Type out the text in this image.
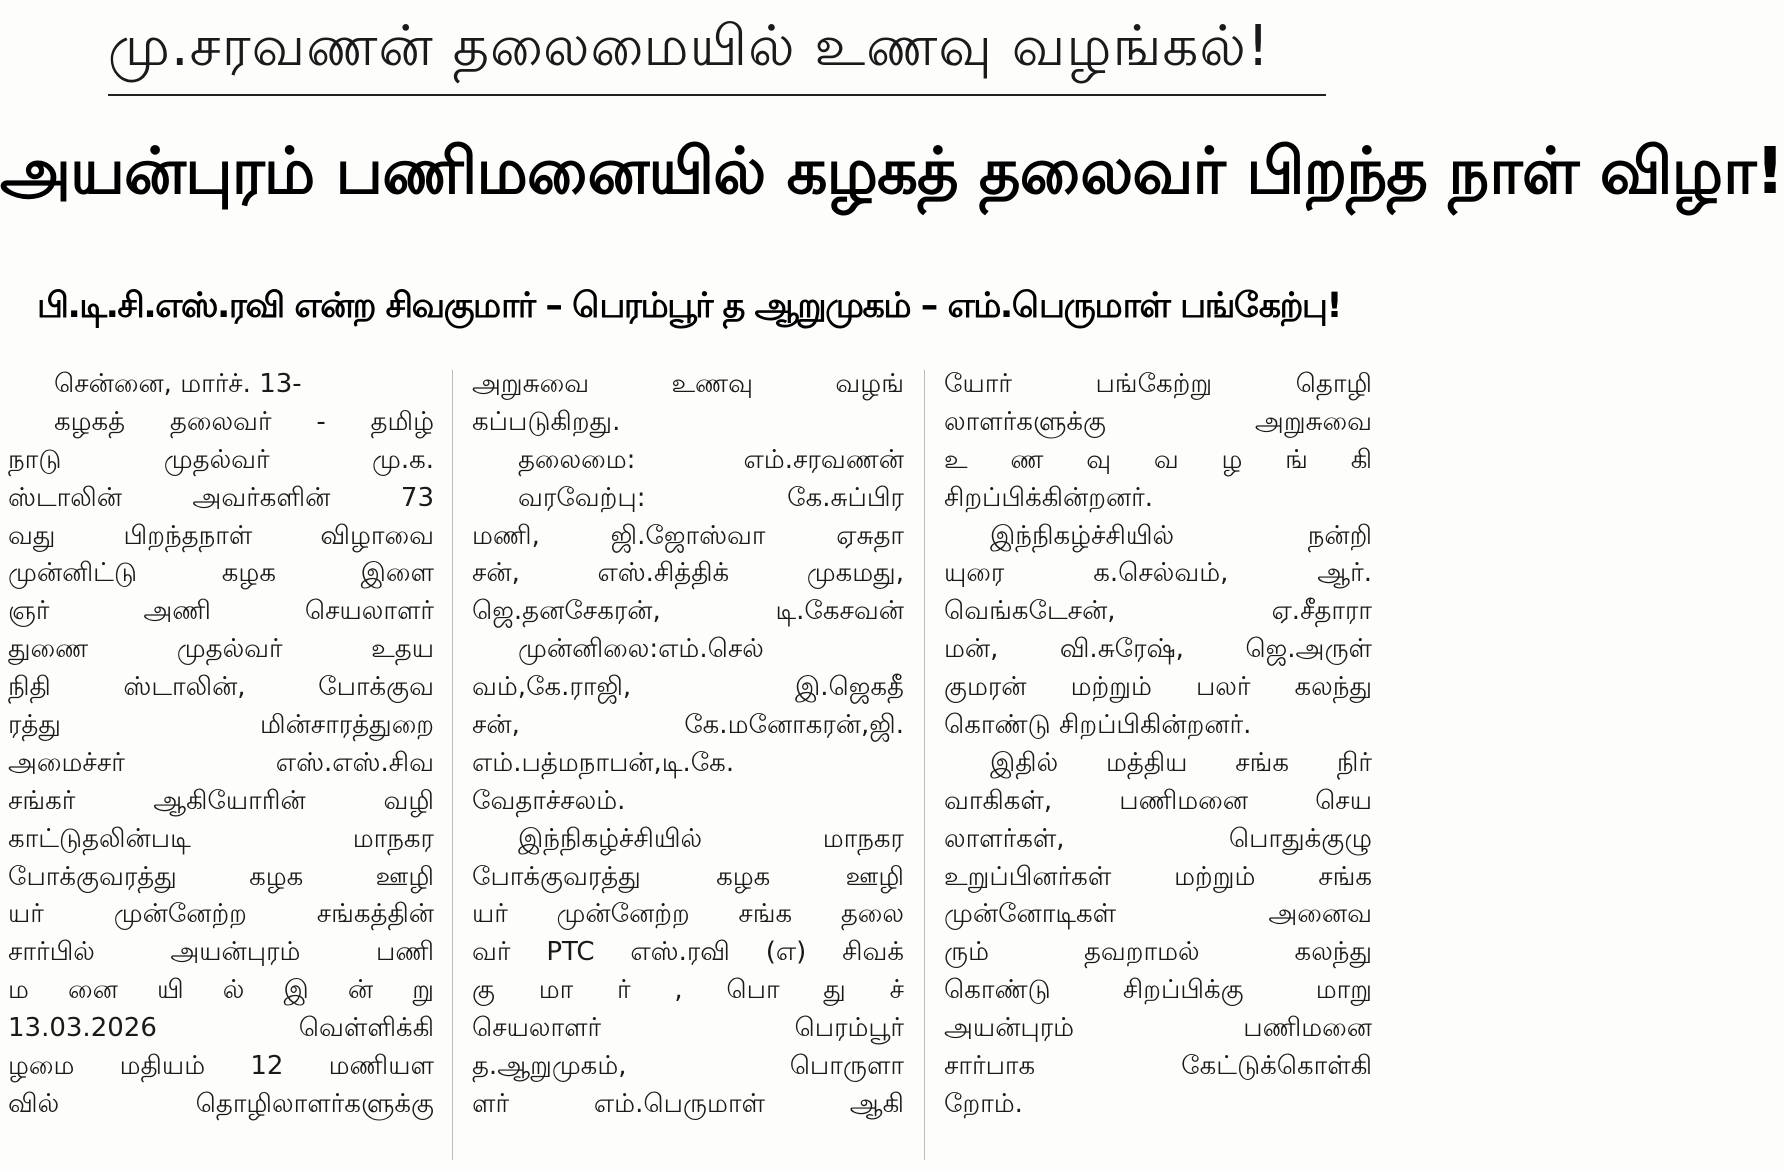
மு.சரவணன் தலைமையில் உணவு வழங்கல்!
அயன்புரம் பணிமனையில் கழகத் தலைவர் பிறந்த நாள் விழா!
பி.டி.சி.எஸ்.ரவி என்ற சிவகுமார் – பெரம்பூர் த ஆறுமுகம் – எம்.பெருமாள் பங்கேற்பு!
சென்னை, மார்ச். 13-
கழகத் தலைவர் - தமிழ்
நாடு முதல்வர் மு.க.
ஸ்டாலின் அவர்களின் 73
வது பிறந்தநாள் விழாவை
முன்னிட்டு கழக இளை
ஞர் அணி செயலாளர்
துணை முதல்வர் உதய
நிதி ஸ்டாலின், போக்குவ
ரத்து மின்சாரத்துறை
அமைச்சர் எஸ்.எஸ்.சிவ
சங்கர் ஆகியோரின் வழி
காட்டுதலின்படி மாநகர
போக்குவரத்து கழக ஊழி
யர் முன்னேற்ற சங்கத்தின்
சார்பில் அயன்புரம் பணி
ம னை யி ல் இ ன் று
13.03.2026 வெள்ளிக்கி
ழமை மதியம் 12 மணியள
வில் தொழிலாளர்களுக்கு
அறுசுவை உணவு வழங்
கப்படுகிறது.
தலைமை: எம்.சரவணன்
வரவேற்பு: கே.சுப்பிர
மணி, ஜி.ஜோஸ்வா ஏசுதா
சன், எஸ்.சித்திக் முகமது,
ஜெ.தனசேகரன், டி.கேசவன்
முன்னிலை:எம்.செல்
வம்,கே.ராஜி, இ.ஜெகதீ
சன், கே.மனோகரன்,ஜி.
எம்.பத்மநாபன்,டி.கே.
வேதாச்சலம்.
இந்நிகழ்ச்சியில் மாநகர
போக்குவரத்து கழக ஊழி
யர் முன்னேற்ற சங்க தலை
வர் PTC எஸ்.ரவி (எ) சிவக்
கு மா ர் , பொ து ச்
செயலாளர் பெரம்பூர்
த.ஆறுமுகம், பொருளா
ளர் எம்.பெருமாள் ஆகி
யோர் பங்கேற்று தொழி
லாளர்களுக்கு அறுசுவை
உ ண வு வ ழ ங் கி
சிறப்பிக்கின்றனர்.
இந்நிகழ்ச்சியில் நன்றி
யுரை க.செல்வம், ஆர்.
வெங்கடேசன், ஏ.சீதாரா
மன், வி.சுரேஷ், ஜெ.அருள்
குமரன் மற்றும் பலர் கலந்து
கொண்டு சிறப்பிகின்றனர்.
இதில் மத்திய சங்க நிர்
வாகிகள், பணிமனை செய
லாளர்கள், பொதுக்குழு
உறுப்பினர்கள் மற்றும் சங்க
முன்னோடிகள் அனைவ
ரும் தவறாமல் கலந்து
கொண்டு சிறப்பிக்கு மாறு
அயன்புரம் பணிமனை
சார்பாக கேட்டுக்கொள்கி
றோம்.
